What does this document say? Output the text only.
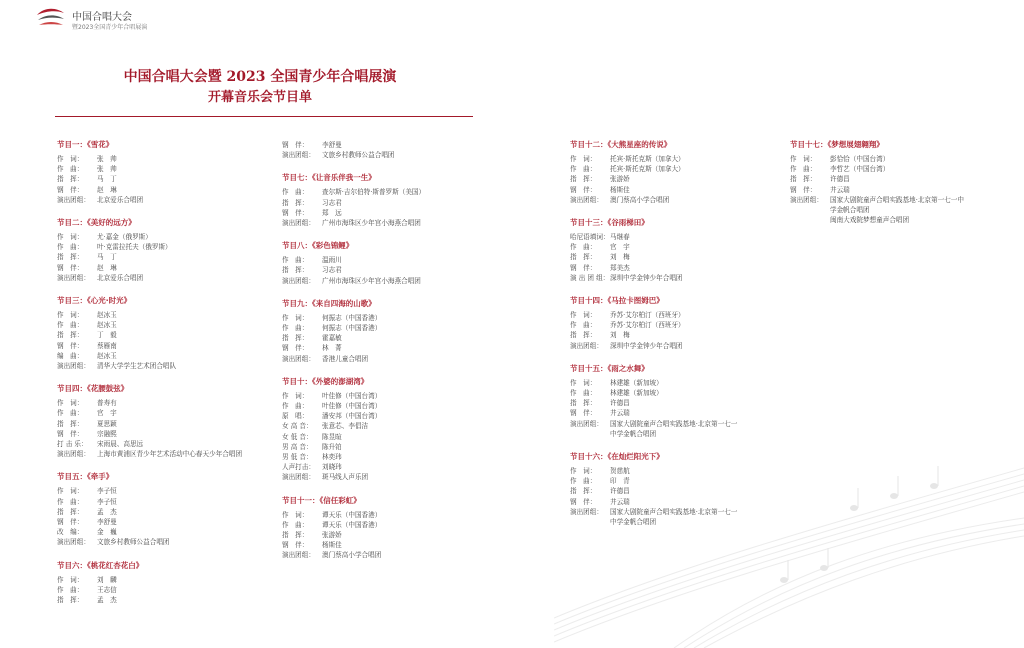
中国合唱大会
暨2023全国青少年合唱展演
中国合唱大会暨 2023 全国青少年合唱展演
开幕音乐会节目单
节目一：《雪花》
作　词： 张　帅
作　曲： 张　帅
指　挥： 马　丁
钢　伴： 赵　琳
演出团组： 北京爱乐合唱团
节目二：《美好的远方》
作　词： 尤·嘉金（俄罗斯）
作　曲： 叶·克雷拉托夫（俄罗斯）
指　挥： 马　丁
钢　伴： 赵　琳
演出团组： 北京爱乐合唱团
节目三：《心光·时光》
作　词： 赵冰玉
作　曲： 赵冰玉
指　挥： 丁　毅
钢　伴： 蔡雁南
编　曲： 赵冰玉
演出团组： 清华大学学生艺术团合唱队
节目四：《花腰鼓弦》
作　词： 普寿有
作　曲： 官　宇
指　挥： 夏思颖
钢　伴： 宗融熙
打 击 乐： 宋雨晨、高思远
演出团组： 上海市黄浦区青少年艺术活动中心春天少年合唱团
节目五：《牵手》
作　词： 李子恒
作　曲： 李子恒
指　挥： 孟　杰
钢　伴： 李舒曼
改　编： 金　巍
演出团组： 文旅乡村教师公益合唱团
节目六：《桃花红杏花白》
作　词： 刘　麟
作　曲： 王志信
指　挥： 孟　杰
钢　伴： 李舒曼
演出团组： 文旅乡村教师公益合唱团
节目七：《让音乐伴我一生》
作　曲： 查尔斯·吉尔伯特·斯普罗斯（美国）
指　挥： 习志君
钢　伴： 郑　远
演出团组： 广州市海珠区少年宫小海燕合唱团
节目八：《彩色锦鲤》
作　曲： 温雨川
指　挥： 习志君
演出团组： 广州市海珠区少年宫小海燕合唱团
节目九：《来自四海的山歌》
作　词： 何振志（中国香港）
作　曲： 何振志（中国香港）
指　挥： 霍嘉敏
钢　伴： 林　菁
演出团组： 香港儿童合唱团
节目十：《外婆的澎湖湾》
作　词： 叶佳修（中国台湾）
作　曲： 叶佳修（中国台湾）
原　唱： 潘安邦（中国台湾）
女 高 音： 张意芯、李倡洁
女 低 音： 陈昱暄
男 高 音： 陈升铂
男 低 音： 林奕玮
人声打击： 刘晓玮
演出团组： 斑马线人声乐团
节目十一：《信任彩虹》
作　词： 谭天乐（中国香港）
作　曲： 谭天乐（中国香港）
指　挥： 张游娇
钢　伴： 杨斯佳
演出团组： 澳门蔡高小学合唱团
节目十二：《大熊星座的传说》
作　词： 托宾·斯托克斯（加拿大）
作　曲： 托宾·斯托克斯（加拿大）
指　挥： 张游娇
钢　伴： 杨斯佳
演出团组： 澳门蔡高小学合唱团
节目十三：《谷雨梯田》
哈尼语填词：马继春
作　曲： 官　宇
指　挥： 刘　梅
钢　伴： 郑美杰
演 出 团 组：深圳中学金钟少年合唱团
节目十四：《马拉卡图姆巴》
作　词： 乔苏·艾尔柏汀（西班牙）
作　曲： 乔苏·艾尔柏汀（西班牙）
指　挥： 刘　梅
演出团组： 深圳中学金钟少年合唱团
节目十五：《雨之水舞》
作　词： 林建雄（新加坡）
作　曲： 林建雄（新加坡）
指　挥： 许德昌
钢　伴： 井云瑞
演出团组： 国家大剧院童声合唱实践基地·北京第一七一
中学金帆合唱团
节目十六：《在灿烂阳光下》
作　词： 贺慈航
作　曲： 印　青
指　挥： 许德昌
钢　伴： 井云瑞
演出团组： 国家大剧院童声合唱实践基地·北京第一七一
中学金帆合唱团
节目十七：《梦想展翅翱翔》
作　词： 彭恰恰（中国台湾）
作　曲： 李哲艺（中国台湾）
指　挥： 许德昌
钢　伴： 井云瑞
演出团组： 国家大剧院童声合唱实践基地·北京第一七一中
学金帆合唱团
闽南大戏院梦想童声合唱团
